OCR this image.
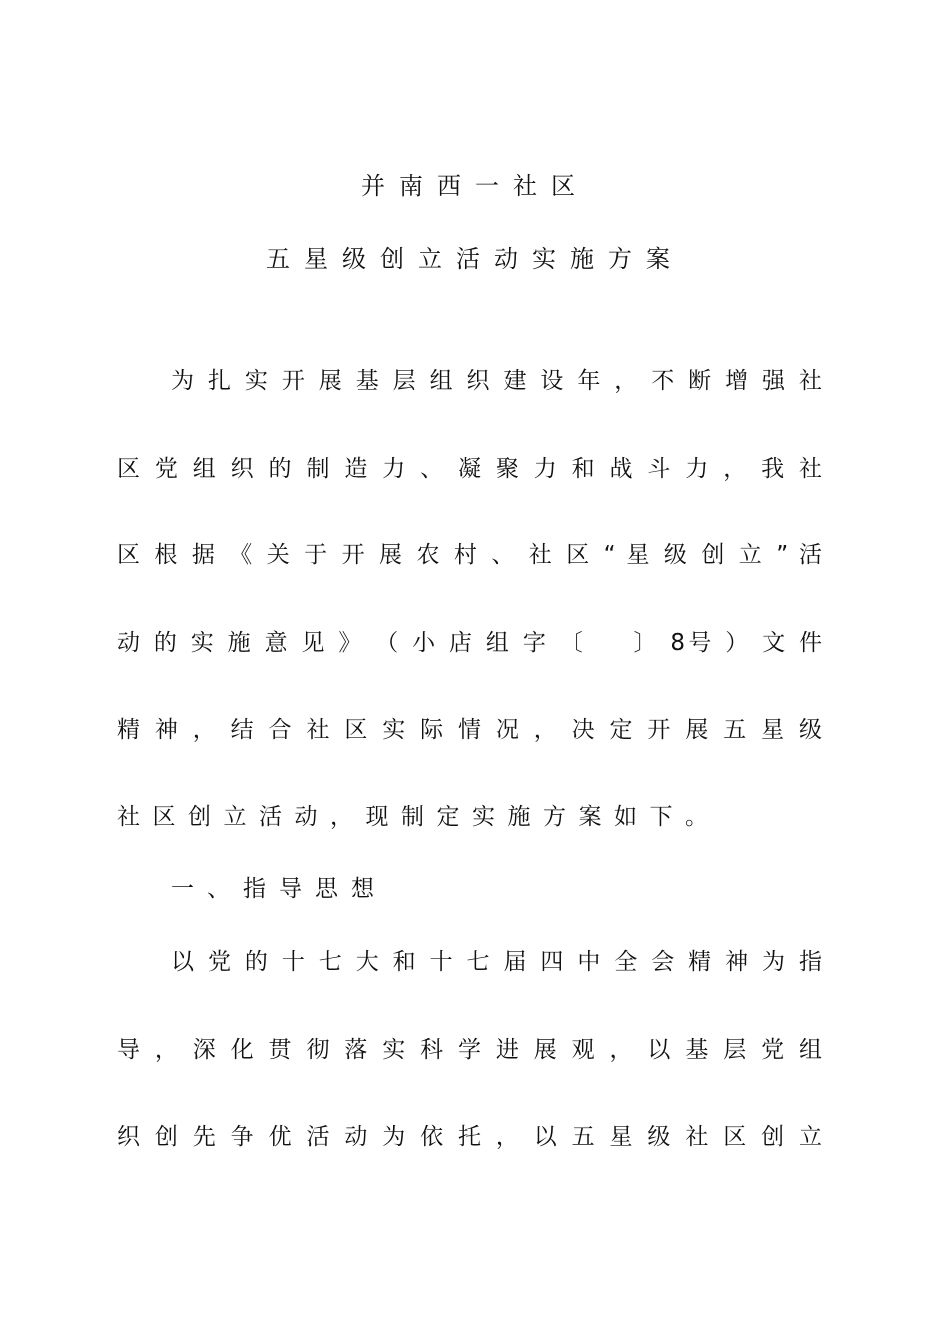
并南西一社区
五星级创立活动实施方案
为 扎 实 开 展 基 层 组 织 建 设 年 ， 不 断 增 强 社
区 党 组 织 的 制 造 力 、 凝 聚 力 和 战 斗 力 ， 我 社
区 根 据 《 关 于 开 展 农 村 、 社 区 “ 星 级 创 立 ” 活
动 的 实 施 意 见 》 （ 小 店 组 字 〔 　 〕 8号 ） 文 件
精 神 ， 结 合 社 区 实 际 情 况 ， 决 定 开 展 五 星 级
社区创立活动，现制定实施方案如下。
一、指导思想
以 党 的 十 七 大 和 十 七 届 四 中 全 会 精 神 为 指
导 ， 深 化 贯 彻 落 实 科 学 进 展 观 ， 以 基 层 党 组
织 创 先 争 优 活 动 为 依 托 ， 以 五 星 级 社 区 创 立
